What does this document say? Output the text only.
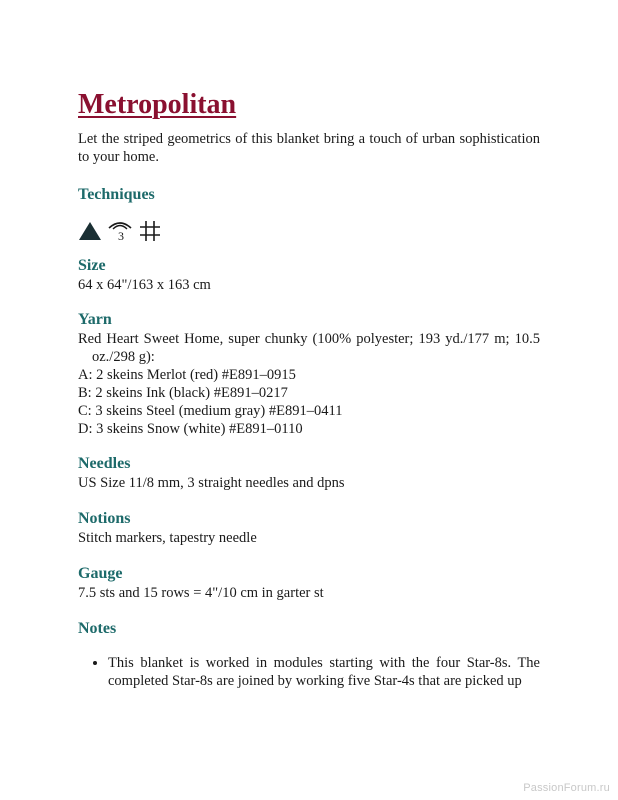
Metropolitan

Let the striped geometrics of this blanket bring a touch of urban sophistication to your home.

Techniques
3
Size

64 x 64"/163 x 163 cm

Yarn

Red Heart Sweet Home, super chunky (100% polyester; 193 yd./177 m; 10.5 oz./298 g):

A: 2 skeins Merlot (red) #E891–0915

B: 2 skeins Ink (black) #E891–0217

C: 3 skeins Steel (medium gray) #E891–0411

D: 3 skeins Snow (white) #E891–0110

Needles

US Size 11/8 mm, 3 straight needles and dpns

Notions

Stitch markers, tapestry needle

Gauge

7.5 sts and 15 rows = 4"/10 cm in garter st

Notes
• This blanket is worked in modules starting with the four Star-8s. The completed Star-8s are joined by working five Star-4s that are picked up
PassionForum.ru
